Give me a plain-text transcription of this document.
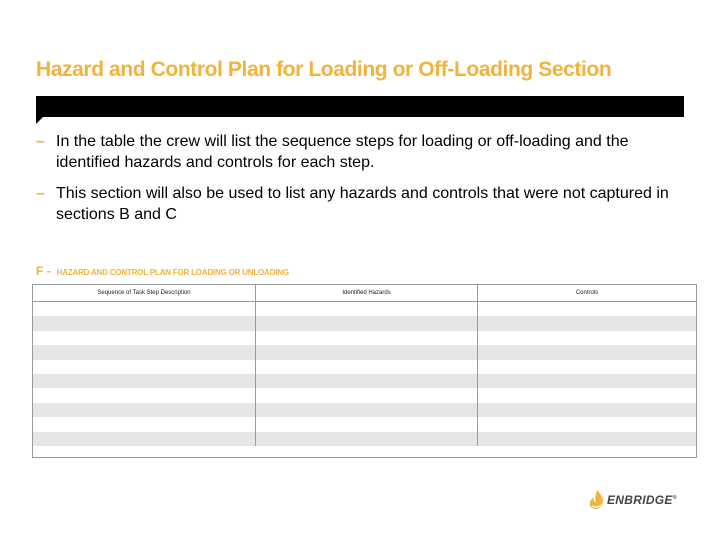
Hazard and Control Plan for Loading or Off-Loading Section
– In the table the crew will list the sequence steps for loading or off-loading and the identified hazards and controls for each step.
– This section will also be used to list any hazards and controls that were not captured in sections B and C
F - HAZARD AND CONTROL PLAN FOR LOADING OR UNLOADING
Sequence of Task Step Description	Identified Hazards	Controls
ENBRIDGE®
